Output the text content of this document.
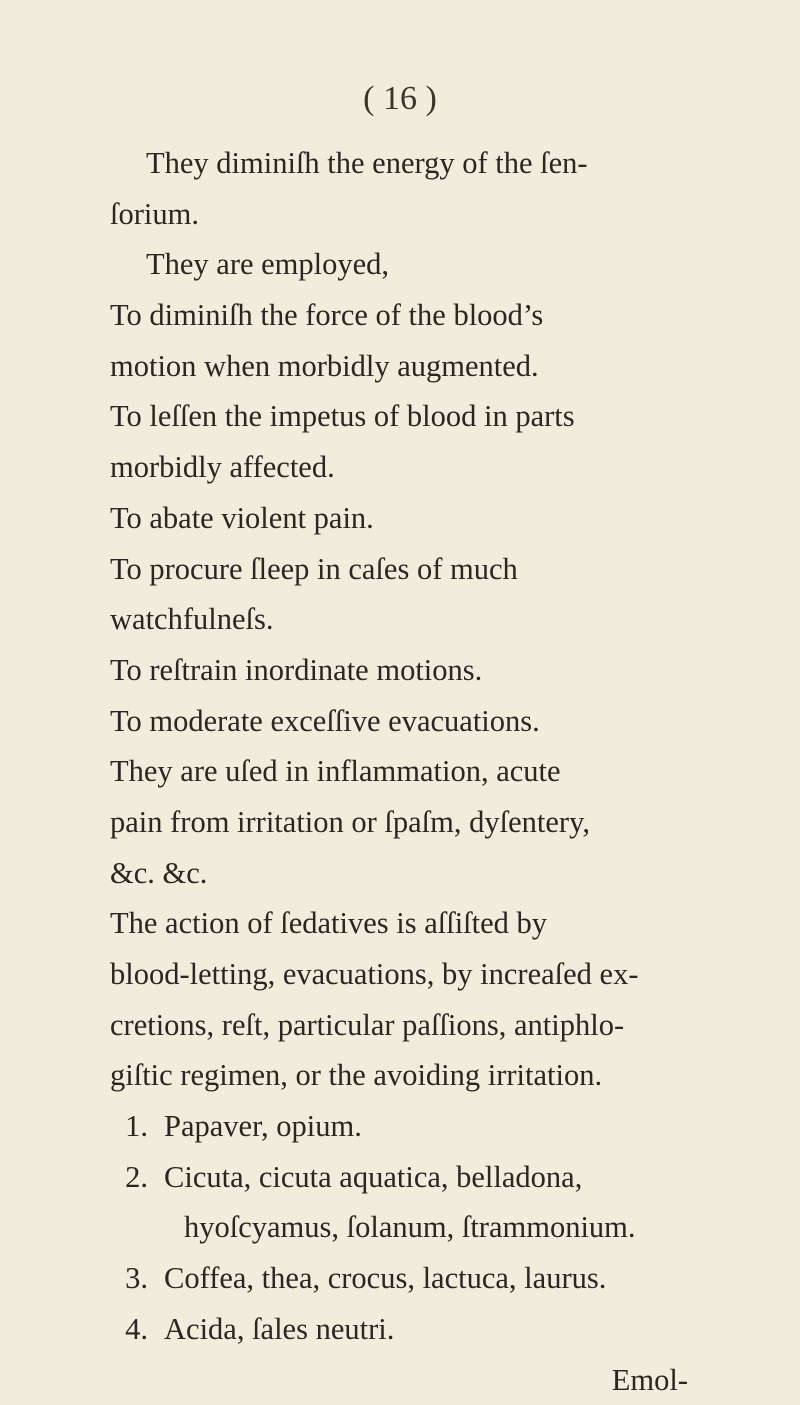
( 16 )
They diminiſh the energy of the ſen-
ſorium.
They are employed,
To diminiſh the force of the blood’s
motion when morbidly augmented.
To leſſen the impetus of blood in parts
morbidly affected.
To abate violent pain.
To procure ſleep in caſes of much
watchfulneſs.
To reſtrain inordinate motions.
To moderate exceſſive evacuations.
They are uſed in inflammation, acute
pain from irritation or ſpaſm, dyſentery,
&c. &c.
The action of ſedatives is aſſiſted by
blood-letting, evacuations, by increaſed ex-
cretions, reſt, particular paſſions, antiphlo-
giſtic regimen, or the avoiding irritation.
1. Papaver, opium.
2. Cicuta, cicuta aquatica, belladona,
hyoſcyamus, ſolanum, ſtrammonium.
3. Coffea, thea, crocus, lactuca, laurus.
4. Acida, ſales neutri.
Emol-
